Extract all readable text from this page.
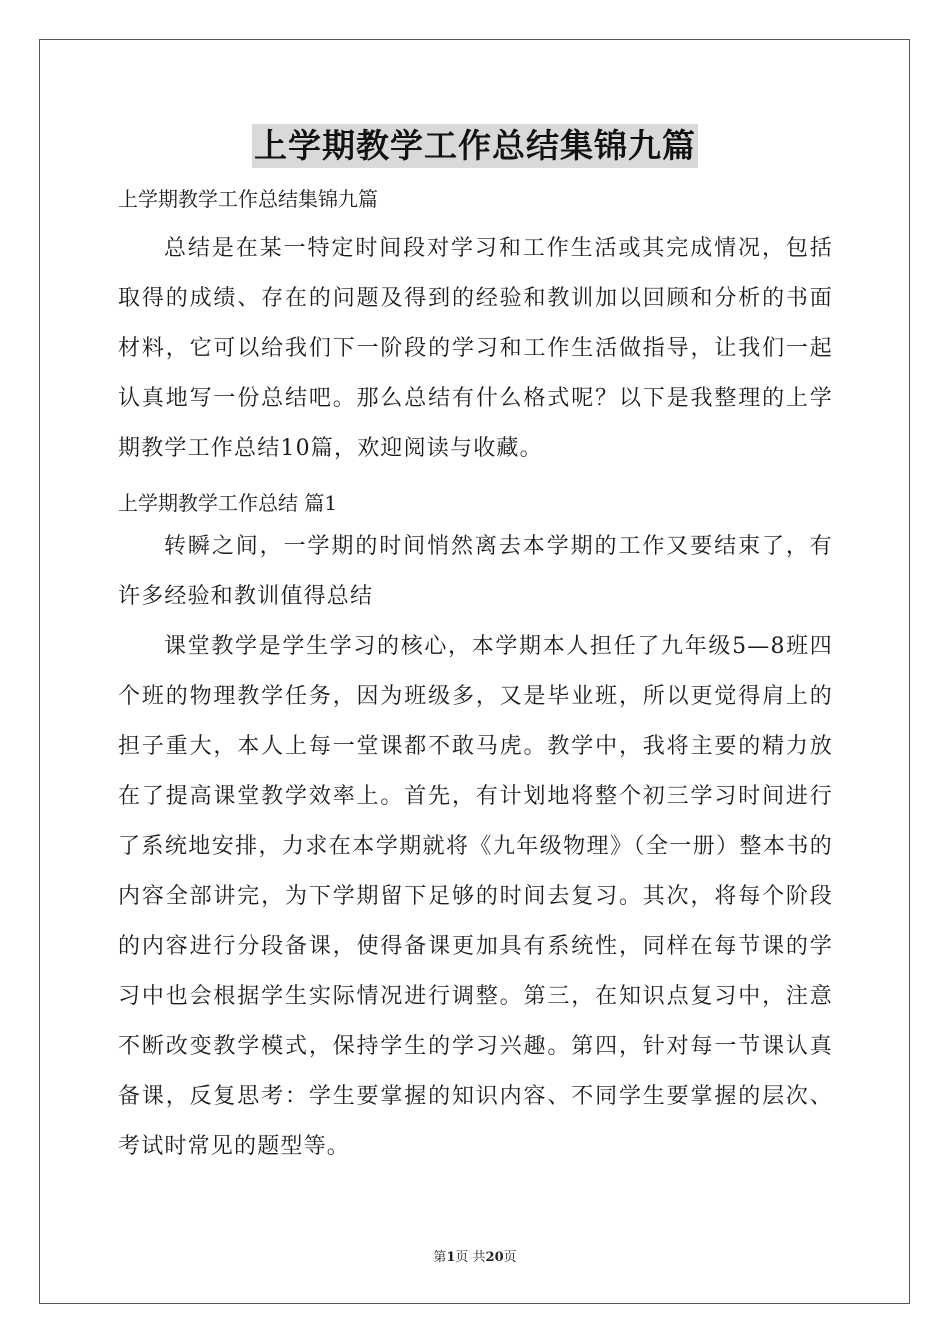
上学期教学工作总结集锦九篇

上学期教学工作总结集锦九篇

总结是在某一特定时间段对学习和工作生活或其完成情况，包括取得的成绩、存在的问题及得到的经验和教训加以回顾和分析的书面材料，它可以给我们下一阶段的学习和工作生活做指导，让我们一起认真地写一份总结吧。那么总结有什么格式呢？以下是我整理的上学期教学工作总结10篇，欢迎阅读与收藏。

上学期教学工作总结 篇1

转瞬之间，一学期的时间悄然离去本学期的工作又要结束了，有许多经验和教训值得总结

课堂教学是学生学习的核心，本学期本人担任了九年级5—8班四个班的物理教学任务，因为班级多，又是毕业班，所以更觉得肩上的担子重大，本人上每一堂课都不敢马虎。教学中，我将主要的精力放在了提高课堂教学效率上。首先，有计划地将整个初三学习时间进行了系统地安排，力求在本学期就将《九年级物理》（全一册）整本书的内容全部讲完，为下学期留下足够的时间去复习。其次，将每个阶段的内容进行分段备课，使得备课更加具有系统性，同样在每节课的学习中也会根据学生实际情况进行调整。第三，在知识点复习中，注意不断改变教学模式，保持学生的学习兴趣。第四，针对每一节课认真备课，反复思考：学生要掌握的知识内容、不同学生要掌握的层次、考试时常见的题型等。

第1页 共20页
